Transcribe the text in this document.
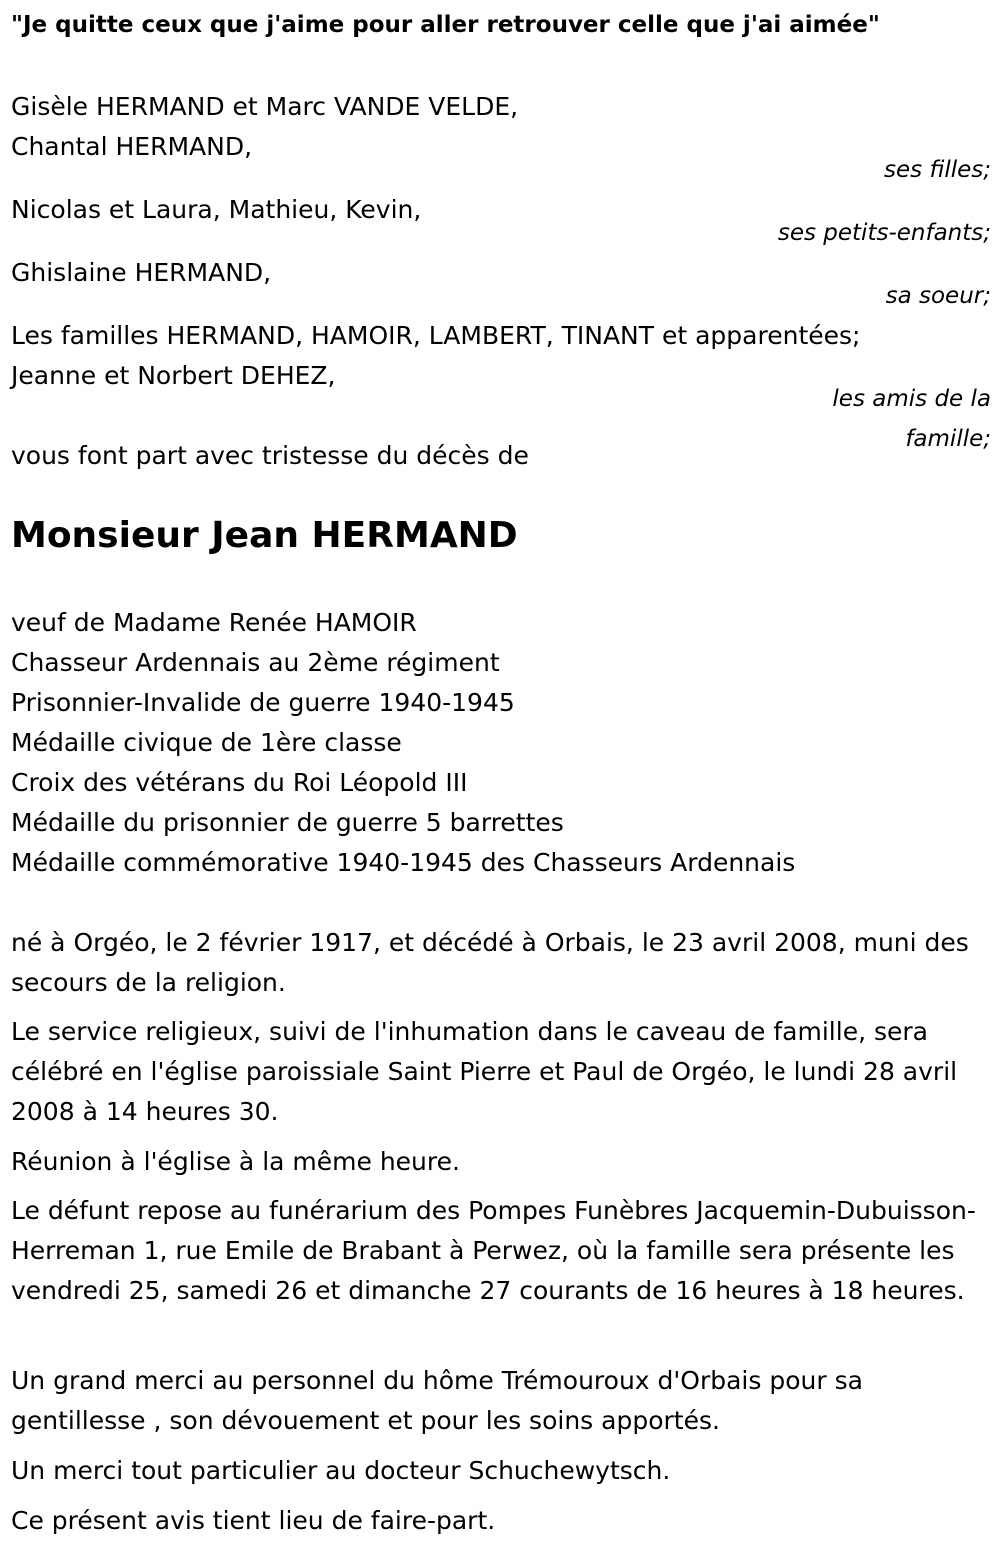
"Je quitte ceux que j'aime pour aller retrouver celle que j'ai aimée"
Gisèle HERMAND et Marc VANDE VELDE,
Chantal HERMAND,
ses filles;
Nicolas et Laura, Mathieu, Kevin,
ses petits-enfants;
Ghislaine HERMAND,
sa soeur;
Les familles HERMAND, HAMOIR, LAMBERT, TINANT et apparentées;
Jeanne et Norbert DEHEZ,
les amis de la
famille;
vous font part avec tristesse du décès de
Monsieur Jean HERMAND
veuf de Madame Renée HAMOIR
Chasseur Ardennais au 2ème régiment
Prisonnier-Invalide de guerre 1940-1945
Médaille civique de 1ère classe
Croix des vétérans du Roi Léopold III
Médaille du prisonnier de guerre 5 barrettes
Médaille commémorative 1940-1945 des Chasseurs Ardennais
né à Orgéo, le 2 février 1917, et décédé à Orbais, le 23 avril 2008, muni des secours de la religion.
Le service religieux, suivi de l'inhumation dans le caveau de famille, sera célébré en l'église paroissiale Saint Pierre et Paul de Orgéo, le lundi 28 avril 2008 à 14 heures 30.
Réunion à l'église à la même heure.
Le défunt repose au funérarium des Pompes Funèbres Jacquemin-Dubuisson-Herreman 1, rue Emile de Brabant à Perwez, où la famille sera présente les vendredi 25, samedi 26 et dimanche 27 courants de 16 heures à 18 heures.
Un grand merci au personnel du hôme Trémouroux d'Orbais pour sa gentillesse , son dévouement et pour les soins apportés.
Un merci tout particulier au docteur Schuchewytsch.
Ce présent avis tient lieu de faire-part.
